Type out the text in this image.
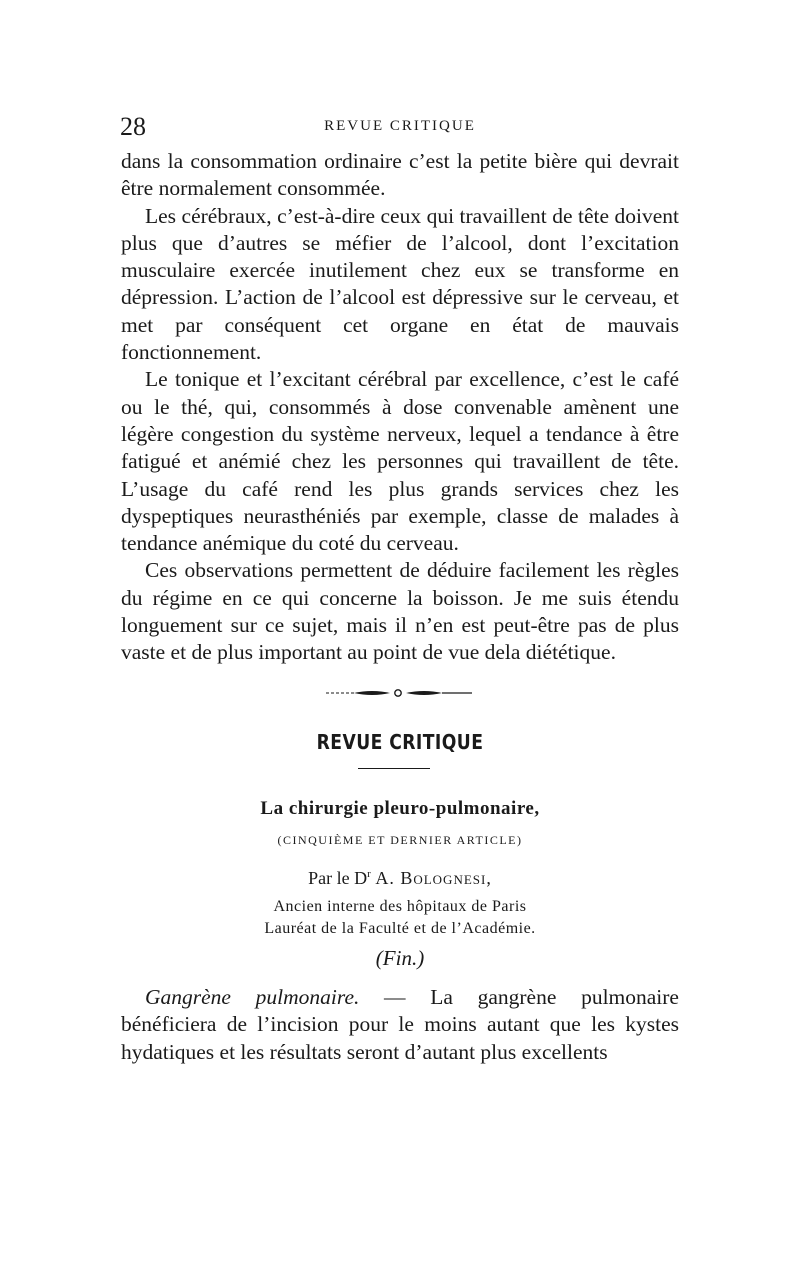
28	REVUE CRITIQUE

dans la consommation ordinaire c’est la petite bière qui devrait être normalement consommée.

Les cérébraux, c’est-à-dire ceux qui travaillent de tête doivent plus que d’autres se méfier de l’alcool, dont l’excitation musculaire exercée inutilement chez eux se transforme en dépression. L’action de l’alcool est dépressive sur le cerveau, et met par conséquent cet organe en état de mauvais fonctionnement.

Le tonique et l’excitant cérébral par excellence, c’est le café ou le thé, qui, consommés à dose convenable amènent une légère congestion du système nerveux, lequel a tendance à être fatigué et anémié chez les personnes qui travaillent de tête. L’usage du café rend les plus grands services chez les dyspeptiques neurasthéniés par exemple, classe de malades à tendance anémique du coté du cerveau.

Ces observations permettent de déduire facilement les règles du régime en ce qui concerne la boisson. Je me suis étendu longuement sur ce sujet, mais il n’en est peut-être pas de plus vaste et de plus important au point de vue dela diététique.

REVUE CRITIQUE
La chirurgie pleuro-pulmonaire,
(CINQUIÈME ET DERNIER ARTICLE)
Par le $D^r$ A. Bolognesi,
Ancien interne des hôpitaux de Paris
Lauréat de la Faculté et de l’Académie.
(Fin.)

Gangrène pulmonaire. — La gangrène pulmonaire bénéficiera de l’incision pour le moins autant que les kystes hydatiques et les résultats seront d’autant plus excellents
